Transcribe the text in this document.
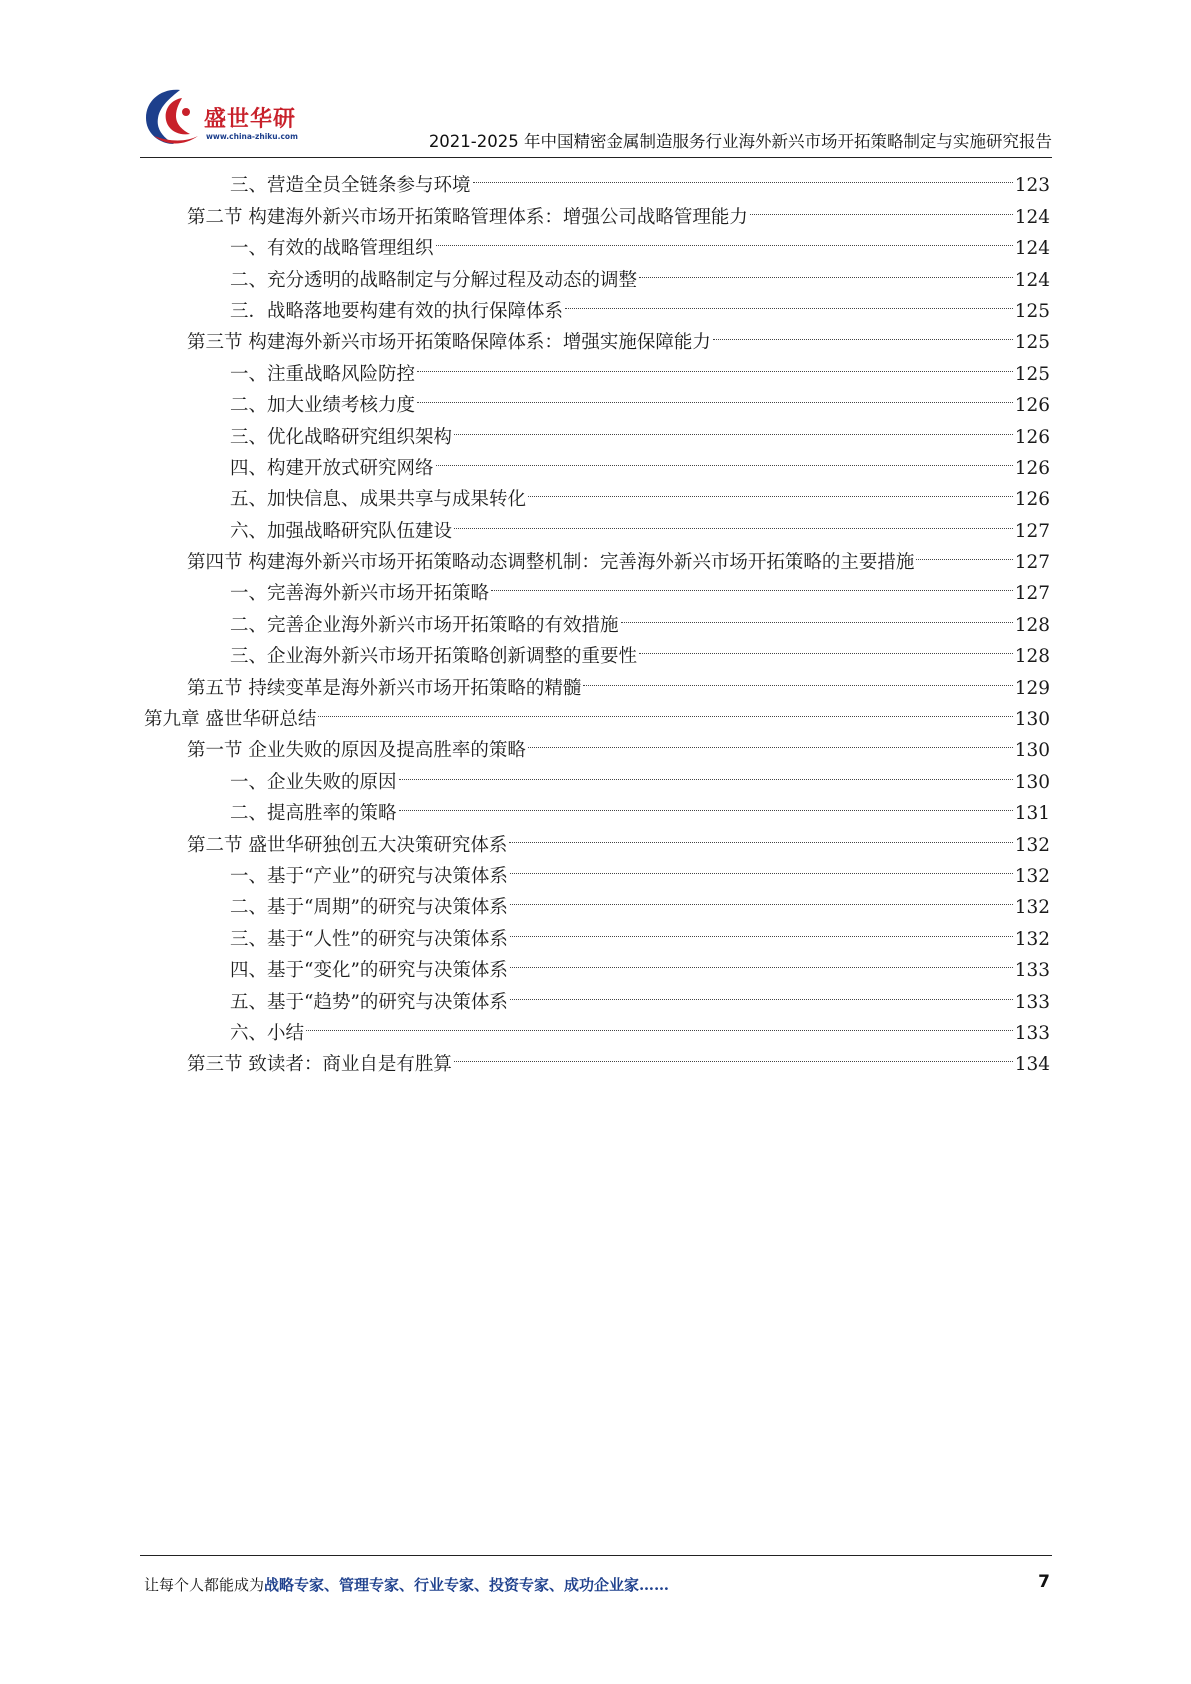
盛世华研
www.china-zhiku.com	2021-2025 年中国精密金属制造服务行业海外新兴市场开拓策略制定与实施研究报告
三、营造全员全链条参与环境	123
第二节 构建海外新兴市场开拓策略管理体系：增强公司战略管理能力	124
一、有效的战略管理组织	124
二、充分透明的战略制定与分解过程及动态的调整	124
三．战略落地要构建有效的执行保障体系	125
第三节 构建海外新兴市场开拓策略保障体系：增强实施保障能力	125
一、注重战略风险防控	125
二、加大业绩考核力度	126
三、优化战略研究组织架构	126
四、构建开放式研究网络	126
五、加快信息、成果共享与成果转化	126
六、加强战略研究队伍建设	127
第四节 构建海外新兴市场开拓策略动态调整机制：完善海外新兴市场开拓策略的主要措施	127
一、完善海外新兴市场开拓策略	127
二、完善企业海外新兴市场开拓策略的有效措施	128
三、企业海外新兴市场开拓策略创新调整的重要性	128
第五节 持续变革是海外新兴市场开拓策略的精髓	129
第九章 盛世华研总结	130
第一节 企业失败的原因及提高胜率的策略	130
一、企业失败的原因	130
二、提高胜率的策略	131
第二节 盛世华研独创五大决策研究体系	132
一、基于“产业”的研究与决策体系	132
二、基于“周期”的研究与决策体系	132
三、基于“人性”的研究与决策体系	132
四、基于“变化”的研究与决策体系	133
五、基于“趋势”的研究与决策体系	133
六、小结	133
第三节 致读者：商业自是有胜算	134
让每个人都能成为战略专家、管理专家、行业专家、投资专家、成功企业家……	7
